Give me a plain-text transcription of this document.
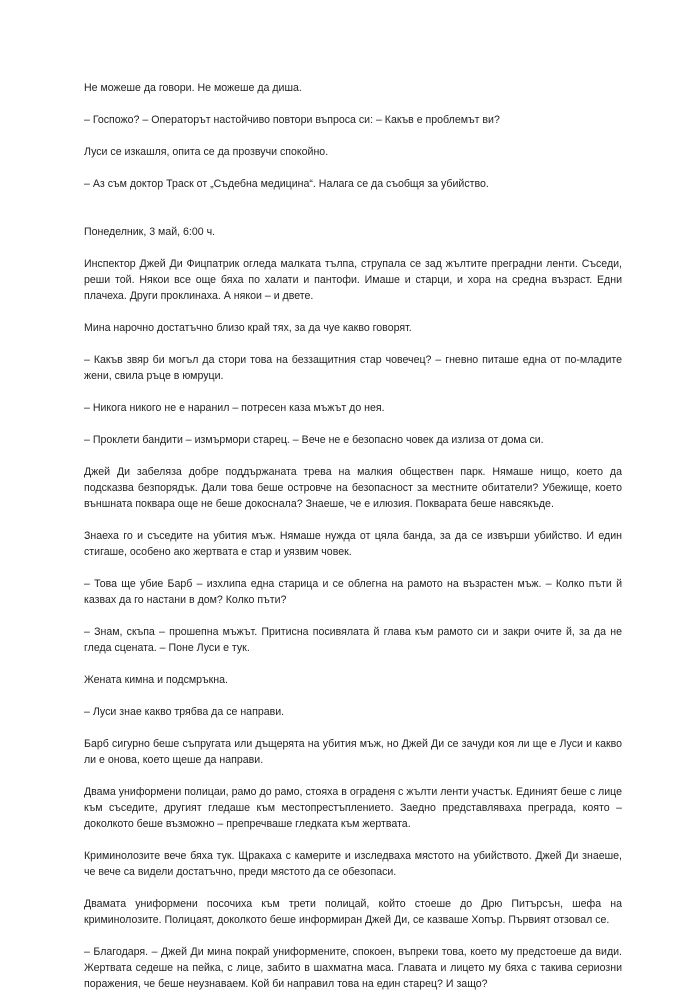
Не можеше да говори. Не можеше да диша.

– Госпожо? – Операторът настойчиво повтори въпроса си: – Какъв е проблемът ви?

Луси се изкашля, опита се да прозвучи спокойно.

– Аз съм доктор Траск от „Съдебна медицина“. Налага се да съобщя за убийство.

Понеделник, 3 май, 6:00 ч.

Инспектор Джей Ди Фицпатрик огледа малката тълпа, струпала се зад жълтите преградни ленти. Съседи, реши той. Някои все още бяха по халати и пантофи. Имаше и старци, и хора на средна възраст. Едни плачеха. Други проклинаха. А някои – и двете.

Мина нарочно достатъчно близо край тях, за да чуе какво говорят.

– Какъв звяр би могъл да стори това на беззащитния стар човечец? – гневно питаше една от по-младите жени, свила ръце в юмруци.

– Никога никого не е наранил – потресен каза мъжът до нея.

– Проклети бандити – измърмори старец. – Вече не е безопасно човек да излиза от дома си.

Джей Ди забеляза добре поддържаната трева на малкия обществен парк. Нямаше нищо, което да подсказва безпорядък. Дали това беше островче на безопасност за местните обитатели? Убежище, което външната поквара още не беше докоснала? Знаеше, че е илюзия. Покварата беше навсякъде.

Знаеха го и съседите на убития мъж. Нямаше нужда от цяла банда, за да се извърши убийство. И един стигаше, особено ако жертвата е стар и уязвим човек.

– Това ще убие Барб – изхлипа една старица и се облегна на рамото на възрастен мъж. – Колко пъти й казвах да го настани в дом? Колко пъти?

– Знам, скъпа – прошепна мъжът. Притисна посивялата й глава към рамото си и закри очите й, за да не гледа сцената. – Поне Луси е тук.

Жената кимна и подсмръкна.

– Луси знае какво трябва да се направи.

Барб сигурно беше съпругата или дъщерята на убития мъж, но Джей Ди се зачуди коя ли ще е Луси и какво ли е онова, което щеше да направи.

Двама униформени полицаи, рамо до рамо, стояха в ограденя с жълти ленти участък. Единият беше с лице към съседите, другият гледаше към местопрестъплението. Заедно представляваха преграда, която – доколкото беше възможно – препречваше гледката към жертвата.

Криминолозите вече бяха тук. Щракаха с камерите и изследваха мястото на убийството. Джей Ди знаеше, че вече са видели достатъчно, преди мястото да се обезопаси.

Двамата униформени посочиха към трети полицай, който стоеше до Дрю Питърсън, шефа на криминолозите. Полицаят, доколкото беше информиран Джей Ди, се казваше Хопър. Първият отзовал се.

– Благодаря. – Джей Ди мина покрай униформените, спокоен, въпреки това, което му предстоеше да види. Жертвата седеше на пейка, с лице, забито в шахматна маса. Главата и лицето му бяха с такива сериозни поражения, че беше неузнаваем. Кой би направил това на един старец? И защо?
